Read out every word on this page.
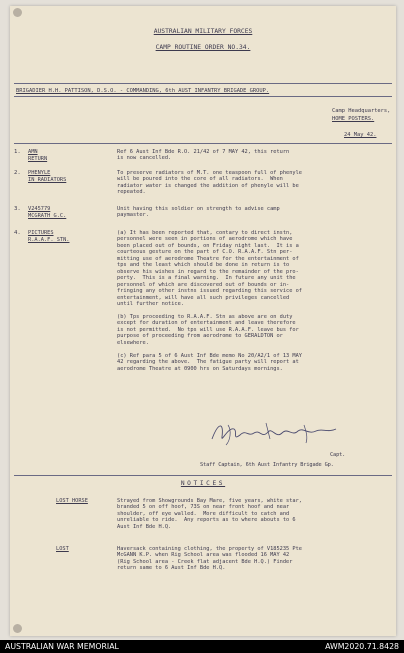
AUSTRALIAN MILITARY FORCES
CAMP ROUTINE ORDER NO.34.
BRIGADIER H.H. PATTISON, D.S.O. - COMMANDING, 6th AUST INFANTRY BRIGADE GROUP.
Camp Headquarters,
HOME POSTERS.
24 May 42.
1. AMN
RETURN
Ref 6 Aust Inf Bde R.O. 21/42 of 7 MAY 42, this return
is now cancelled.
2. PHENYLE
IN RADIATORS
To preserve radiators of M.T. one teaspoon full of phenyle
will be poured into the core of all radiators.  When
radiator water is changed the addition of phenyle will be
repeated.
3. V245779
MCGRATH G.C.
Unit having this soldier on strength to advise camp
paymaster.
4. PICTURES
R.A.A.F. STN.
(a) It has been reported that, contary to direct instn,
personnel were seen in portions of aerodrome which have
been placed out of bounds, on Friday night last.  It is a
courteous gesture on the part of C.O. R.A.A.F. Stn per-
mitting use of aerodrome Theatre for the entertainment of
tps and the least which should be done in return is to
observe his wishes in regard to the remainder of the pro-
perty.  This is a final warning.  In future any unit the
personnel of which are discovered out of bounds or in-
fringing any other instns issued regarding this service of
entertainment, will have all such privileges cancelled
until further notice.

(b) Tps proceeding to R.A.A.F. Stn as above are on duty
except for duration of entertainment and leave therefore
is not permitted.  No tps will use R.A.A.F. leave bus for
purpose of proceeding from aerodrome to GERALDTON or
elsewhere.

(c) Ref para 5 of 6 Aust Inf Bde memo No 20/A2/1 of 13 MAY
42 regarding the above.  The fatigue party will report at
aerodrome Theatre at 0900 hrs on Saturdays mornings.
Capt.
Staff Captain, 6th Aust Infantry Brigade Gp.
NOTICES
LOST HORSE	Strayed from Showgrounds Bay Mare, five years, white star,
branded 5 on off hoof, 73S on near front hoof and near
shoulder, off eye walled.  More difficult to catch and
unreliable to ride.  Any reports as to where abouts to 6
Aust Inf Bde H.Q.
LOST	Haversack containing clothing, the property of V185235 Pte
McGANN K.P. when Rig School area was flooded 16 MAY 42
(Rig School area - Creek flat adjacent Bde H.Q.) Finder
return same to 6 Aust Inf Bde H.Q.
AUSTRALIAN WAR MEMORIAL	AWM2020.71.8428
